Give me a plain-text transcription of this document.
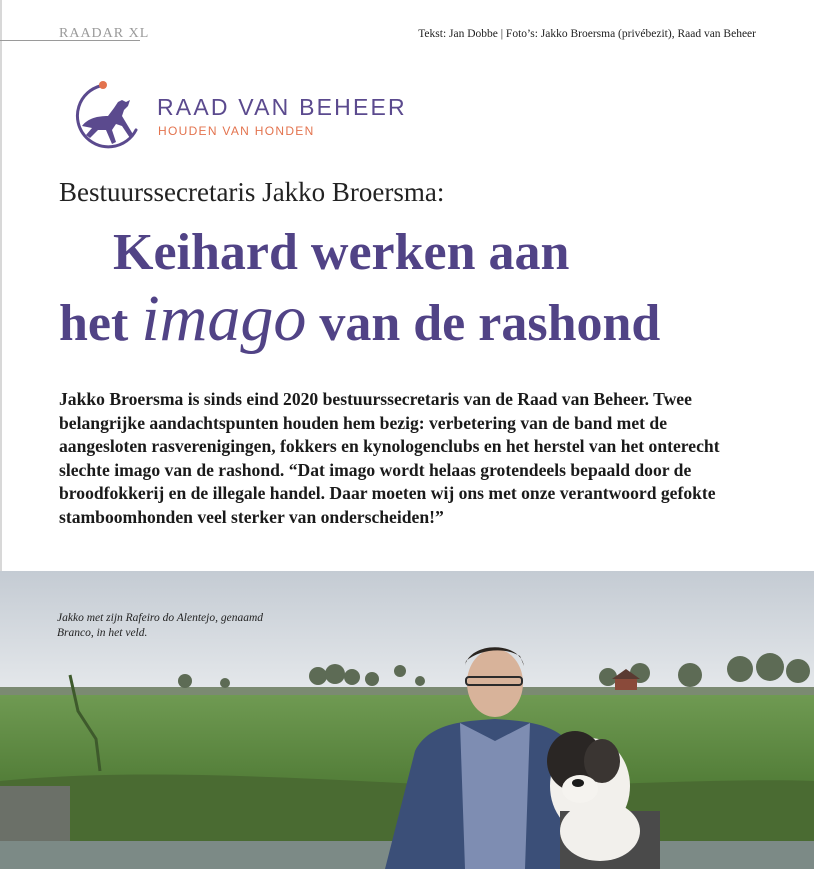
RAADAR XL	Tekst: Jan Dobbe | Foto’s: Jakko Broersma (privébezit), Raad van Beheer
RAAD VAN BEHEER
HOUDEN VAN HONDEN
Bestuurssecretaris Jakko Broersma:
Keihard werken aan
het imago van de rashond

Jakko Broersma is sinds eind 2020 bestuurssecretaris van de Raad van Beheer. Twee belangrijke aandachtspunten houden hem bezig: verbetering van de band met de aangesloten rasverenigingen, fokkers en kynologenclubs en het herstel van het onterecht slechte imago van de rashond. “Dat imago wordt helaas grotendeels bepaald door de broodfokkerij en de illegale handel. Daar moeten wij ons met onze verantwoord gefokte stamboomhonden veel sterker van onderscheiden!”

Jakko met zijn Rafeiro do Alentejo, genaamd Branco, in het veld.
